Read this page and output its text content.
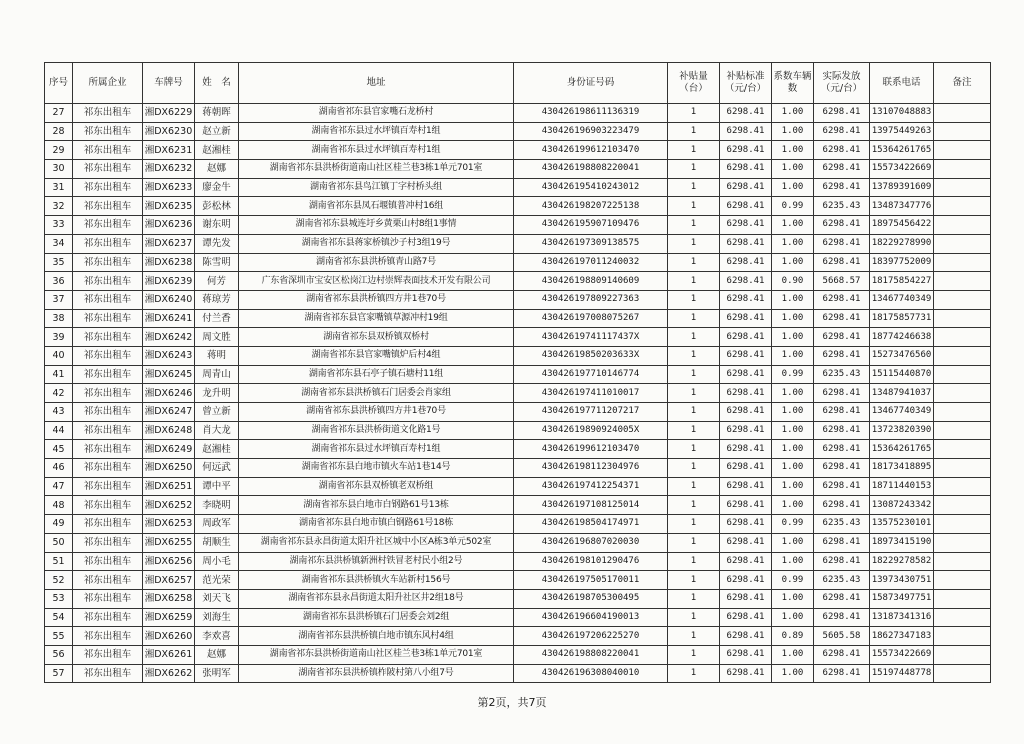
序号	所属企业	车牌号	姓　名	地址	身份证号码	补贴量（台）	补贴标准（元/台）	系数车辆数	实际发放（元/台）	联系电话	备注
27	祁东出租车	湘DX6229	蒋朝晖	湖南省祁东县官家嘴石龙桥村	430426198611136319	1	6298.41	1.00	6298.41	13107048883	
28	祁东出租车	湘DX6230	赵立新	湖南省祁东县过水坪镇百寿村1组	430426196903223479	1	6298.41	1.00	6298.41	13975449263	
29	祁东出租车	湘DX6231	赵湘桂	湖南省祁东县过水坪镇百寿村1组	430426199612103470	1	6298.41	1.00	6298.41	15364261765	
30	祁东出租车	湘DX6232	赵娜	湖南省祁东县洪桥街道南山社区桂兰巷3栋1单元701室	430426198808220041	1	6298.41	1.00	6298.41	15573422669	
31	祁东出租车	湘DX6233	廖金牛	湖南省祁东县鸟江镇丁字村桥头组	430426195410243012	1	6298.41	1.00	6298.41	13789391609	
32	祁东出租车	湘DX6235	彭松林	湖南省祁东县凤石堰镇普冲村16组	430426198207225138	1	6298.41	0.99	6235.43	13487347776	
33	祁东出租车	湘DX6236	谢东明	湖南省祁东县城连圩乡黄栗山村8组1事情	430426195907109476	1	6298.41	1.00	6298.41	18975456422	
34	祁东出租车	湘DX6237	谭先发	湖南省祁东县蒋家桥镇沙子村3组19号	430426197309138575	1	6298.41	1.00	6298.41	18229278990	
35	祁东出租车	湘DX6238	陈雪明	湖南省祁东县洪桥镇青山路7号	430426197011240032	1	6298.41	1.00	6298.41	18397752009	
36	祁东出租车	湘DX6239	何芳	广东省深圳市宝安区松岗江边村崇辉表面技术开发有限公司	430426198809140609	1	6298.41	0.90	5668.57	18175854227	
37	祁东出租车	湘DX6240	蒋琼芳	湖南省祁东县洪桥镇四方井1巷70号	430426197809227363	1	6298.41	1.00	6298.41	13467740349	
38	祁东出租车	湘DX6241	付兰香	湖南省祁东县官家嘴镇草源冲村19组	430426197008075267	1	6298.41	1.00	6298.41	18175857731	
39	祁东出租车	湘DX6242	周文胜	湖南省祁东县双桥镇双桥村	43042619741117437X	1	6298.41	1.00	6298.41	18774246638	
40	祁东出租车	湘DX6243	蒋明	湖南省祁东县官家嘴镇炉后村4组	43042619850203633X	1	6298.41	1.00	6298.41	15273476560	
41	祁东出租车	湘DX6245	周青山	湖南省祁东县石亭子镇石塘村11组	430426197710146774	1	6298.41	0.99	6235.43	15115440870	
42	祁东出租车	湘DX6246	龙升明	湖南省祁东县洪桥镇石门居委会肖家组	430426197411010017	1	6298.41	1.00	6298.41	13487941037	
43	祁东出租车	湘DX6247	曾立新	湖南省祁东县洪桥镇四方井1巷70号	430426197711207217	1	6298.41	1.00	6298.41	13467740349	
44	祁东出租车	湘DX6248	肖大龙	湖南省祁东县洪桥街道文化路1号	43042619890924005X	1	6298.41	1.00	6298.41	13723820390	
45	祁东出租车	湘DX6249	赵湘桂	湖南省祁东县过水坪镇百寿村1组	430426199612103470	1	6298.41	1.00	6298.41	15364261765	
46	祁东出租车	湘DX6250	何远武	湖南省祁东县白地市镇火车站1巷14号	430426198112304976	1	6298.41	1.00	6298.41	18173418895	
47	祁东出租车	湘DX6251	谭中平	湖南省祁东县双桥镇老双桥组	430426197412254371	1	6298.41	1.00	6298.41	18711440153	
48	祁东出租车	湘DX6252	李晓明	湖南省祁东县白地市白钢路61号13栋	430426197108125014	1	6298.41	1.00	6298.41	13087243342	
49	祁东出租车	湘DX6253	周政军	湖南省祁东县白地市镇白钢路61号18栋	430426198504174971	1	6298.41	0.99	6235.43	13575230101	
50	祁东出租车	湘DX6255	胡顺生	湖南省祁东县永昌街道太阳升社区城中小区A栋3单元502室	430426196807020030	1	6298.41	1.00	6298.41	18973415190	
51	祁东出租车	湘DX6256	周小毛	湖南祁东县洪桥镇新洲村铁冒老村民小组2号	430426198101290476	1	6298.41	1.00	6298.41	18229278582	
52	祁东出租车	湘DX6257	范光荣	湖南省祁东县洪桥镇火车站新村156号	430426197505170011	1	6298.41	0.99	6235.43	13973430751	
53	祁东出租车	湘DX6258	刘天飞	湖南省祁东县永昌街道太阳升社区井2组18号	430426198705300495	1	6298.41	1.00	6298.41	15873497751	
54	祁东出租车	湘DX6259	刘海生	湖南省祁东县洪桥镇石门居委会刘2组	430426196604190013	1	6298.41	1.00	6298.41	13187341316	
55	祁东出租车	湘DX6260	李欢喜	湖南省祁东县洪桥镇白地市镇东风村4组	430426197206225270	1	6298.41	0.89	5605.58	18627347183	
56	祁东出租车	湘DX6261	赵娜	湖南省祁东县洪桥街道南山社区桂兰巷3栋1单元701室	430426198808220041	1	6298.41	1.00	6298.41	15573422669	
57	祁东出租车	湘DX6262	张明军	湖南省祁东县洪桥镇柞陂村第八小组7号	430426196308040010	1	6298.41	1.00	6298.41	15197448778	
第2页，共7页
